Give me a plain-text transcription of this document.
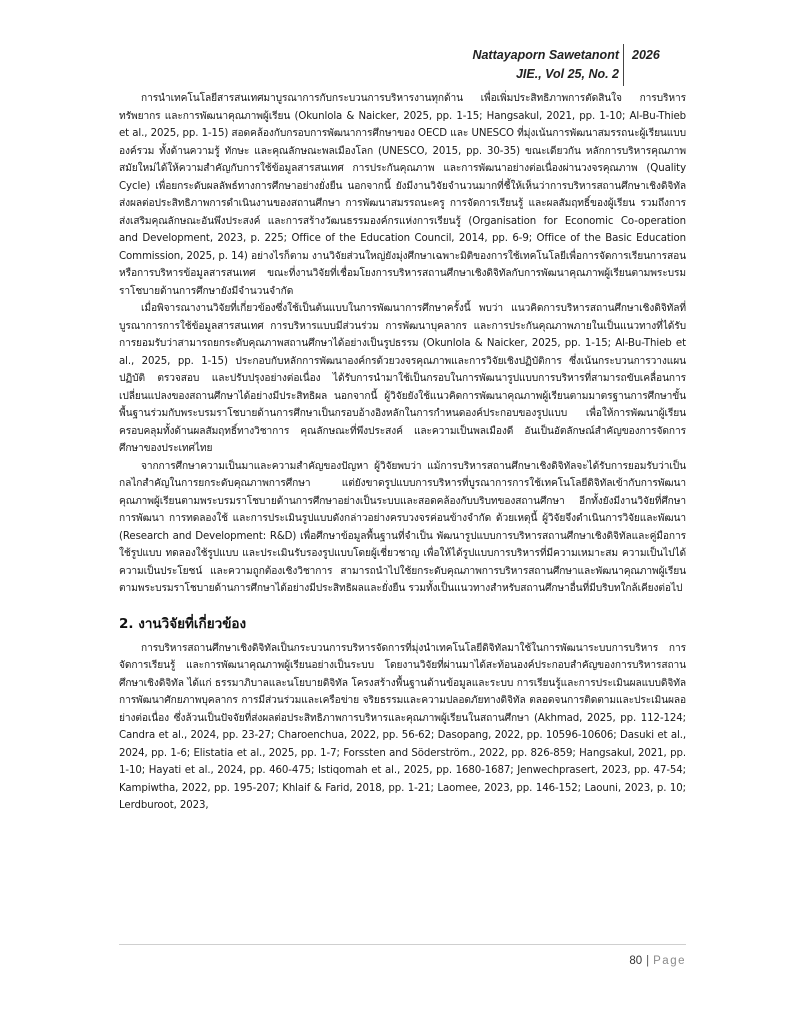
Nattayaporn Sawetanont
JIE., Vol 25, No. 2
2026

การนำเทคโนโลยีสารสนเทศมาบูรณาการกับกระบวนการบริหารงานทุกด้าน เพื่อเพิ่มประสิทธิภาพการตัดสินใจ การบริหารทรัพยากร และการพัฒนาคุณภาพผู้เรียน (Okunlola & Naicker, 2025, pp. 1-15; Hangsakul, 2021, pp. 1-10; Al-Bu-Thieb et al., 2025, pp. 1-15) สอดคล้องกับกรอบการพัฒนาการศึกษาของ OECD และ UNESCO ที่มุ่งเน้นการพัฒนาสมรรถนะผู้เรียนแบบองค์รวม ทั้งด้านความรู้ ทักษะ และคุณลักษณะพลเมืองโลก (UNESCO, 2015, pp. 30-35) ขณะเดียวกัน หลักการบริหารคุณภาพสมัยใหม่ได้ให้ความสำคัญกับการใช้ข้อมูลสารสนเทศ การประกันคุณภาพ และการพัฒนาอย่างต่อเนื่องผ่านวงจรคุณภาพ (Quality Cycle) เพื่อยกระดับผลลัพธ์ทางการศึกษาอย่างยั่งยืน นอกจากนี้ ยังมีงานวิจัยจำนวนมากที่ชี้ให้เห็นว่าการบริหารสถานศึกษาเชิงดิจิทัลส่งผลต่อประสิทธิภาพการดำเนินงานของสถานศึกษา การพัฒนาสมรรถนะครู การจัดการเรียนรู้ และผลสัมฤทธิ์ของผู้เรียน รวมถึงการส่งเสริมคุณลักษณะอันพึงประสงค์ และการสร้างวัฒนธรรมองค์กรแห่งการเรียนรู้ (Organisation for Economic Co-operation and Development, 2023, p. 225; Office of the Education Council, 2014, pp. 6-9; Office of the Basic Education Commission, 2025, p. 14) อย่างไรก็ตาม งานวิจัยส่วนใหญ่ยังมุ่งศึกษาเฉพาะมิติของการใช้เทคโนโลยีเพื่อการจัดการเรียนการสอนหรือการบริหารข้อมูลสารสนเทศ ขณะที่งานวิจัยที่เชื่อมโยงการบริหารสถานศึกษาเชิงดิจิทัลกับการพัฒนาคุณภาพผู้เรียนตามพระบรมราโชบายด้านการศึกษายังมีจำนวนจำกัด

เมื่อพิจารณางานวิจัยที่เกี่ยวข้องซึ่งใช้เป็นต้นแบบในการพัฒนาการศึกษาครั้งนี้ พบว่า แนวคิดการบริหารสถานศึกษาเชิงดิจิทัลที่บูรณาการการใช้ข้อมูลสารสนเทศ การบริหารแบบมีส่วนร่วม การพัฒนาบุคลากร และการประกันคุณภาพภายในเป็นแนวทางที่ได้รับการยอมรับว่าสามารถยกระดับคุณภาพสถานศึกษาได้อย่างเป็นรูปธรรม (Okunlola & Naicker, 2025, pp. 1-15; Al-Bu-Thieb et al., 2025, pp. 1-15) ประกอบกับหลักการพัฒนาองค์กรด้วยวงจรคุณภาพและการวิจัยเชิงปฏิบัติการ ซึ่งเน้นกระบวนการวางแผน ปฏิบัติ ตรวจสอบ และปรับปรุงอย่างต่อเนื่อง ได้รับการนำมาใช้เป็นกรอบในการพัฒนารูปแบบการบริหารที่สามารถขับเคลื่อนการเปลี่ยนแปลงของสถานศึกษาได้อย่างมีประสิทธิผล นอกจากนี้ ผู้วิจัยยังใช้แนวคิดการพัฒนาคุณภาพผู้เรียนตามมาตรฐานการศึกษาขั้นพื้นฐานร่วมกับพระบรมราโชบายด้านการศึกษาเป็นกรอบอ้างอิงหลักในการกำหนดองค์ประกอบของรูปแบบ เพื่อให้การพัฒนาผู้เรียนครอบคลุมทั้งด้านผลสัมฤทธิ์ทางวิชาการ คุณลักษณะที่พึงประสงค์ และความเป็นพลเมืองดี อันเป็นอัตลักษณ์สำคัญของการจัดการศึกษาของประเทศไทย

จากการศึกษาความเป็นมาและความสำคัญของปัญหา ผู้วิจัยพบว่า แม้การบริหารสถานศึกษาเชิงดิจิทัลจะได้รับการยอมรับว่าเป็นกลไกสำคัญในการยกระดับคุณภาพการศึกษา แต่ยังขาดรูปแบบการบริหารที่บูรณาการการใช้เทคโนโลยีดิจิทัลเข้ากับการพัฒนาคุณภาพผู้เรียนตามพระบรมราโชบายด้านการศึกษาอย่างเป็นระบบและสอดคล้องกับบริบทของสถานศึกษา อีกทั้งยังมีงานวิจัยที่ศึกษาการพัฒนา การทดลองใช้ และการประเมินรูปแบบดังกล่าวอย่างครบวงจรค่อนข้างจำกัด ด้วยเหตุนี้ ผู้วิจัยจึงดำเนินการวิจัยและพัฒนา (Research and Development: R&D) เพื่อศึกษาข้อมูลพื้นฐานที่จำเป็น พัฒนารูปแบบการบริหารสถานศึกษาเชิงดิจิทัลและคู่มือการใช้รูปแบบ ทดลองใช้รูปแบบ และประเมินรับรองรูปแบบโดยผู้เชี่ยวชาญ เพื่อให้ได้รูปแบบการบริหารที่มีความเหมาะสม ความเป็นไปได้ ความเป็นประโยชน์ และความถูกต้องเชิงวิชาการ สามารถนำไปใช้ยกระดับคุณภาพการบริหารสถานศึกษาและพัฒนาคุณภาพผู้เรียนตามพระบรมราโชบายด้านการศึกษาได้อย่างมีประสิทธิผลและยั่งยืน รวมทั้งเป็นแนวทางสำหรับสถานศึกษาอื่นที่มีบริบทใกล้เคียงต่อไป

2. งานวิจัยที่เกี่ยวข้อง

การบริหารสถานศึกษาเชิงดิจิทัลเป็นกระบวนการบริหารจัดการที่มุ่งนำเทคโนโลยีดิจิทัลมาใช้ในการพัฒนาระบบการบริหาร การจัดการเรียนรู้ และการพัฒนาคุณภาพผู้เรียนอย่างเป็นระบบ โดยงานวิจัยที่ผ่านมาได้สะท้อนองค์ประกอบสำคัญของการบริหารสถานศึกษาเชิงดิจิทัล ได้แก่ ธรรมาภิบาลและนโยบายดิจิทัล โครงสร้างพื้นฐานด้านข้อมูลและระบบ การเรียนรู้และการประเมินผลแบบดิจิทัล การพัฒนาศักยภาพบุคลากร การมีส่วนร่วมและเครือข่าย จริยธรรมและความปลอดภัยทางดิจิทัล ตลอดจนการติดตามและประเมินผลอย่างต่อเนื่อง ซึ่งล้วนเป็นปัจจัยที่ส่งผลต่อประสิทธิภาพการบริหารและคุณภาพผู้เรียนในสถานศึกษา (Akhmad, 2025, pp. 112-124; Candra et al., 2024, pp. 23-27; Charoenchua, 2022, pp. 56-62; Dasopang, 2022, pp. 10596-10606; Dasuki et al., 2024, pp. 1-6; Elistatia et al., 2025, pp. 1-7; Forssten and Söderström., 2022, pp. 826-859; Hangsakul, 2021, pp. 1-10; Hayati et al., 2024, pp. 460-475; Istiqomah et al., 2025, pp. 1680-1687; Jenwechprasert, 2023, pp. 47-54; Kampiwtha, 2022, pp. 195-207; Khlaif & Farid, 2018, pp. 1-21; Laomee, 2023, pp. 146-152; Laouni, 2023, p. 10; Lerdburoot, 2023,

80 | Page
